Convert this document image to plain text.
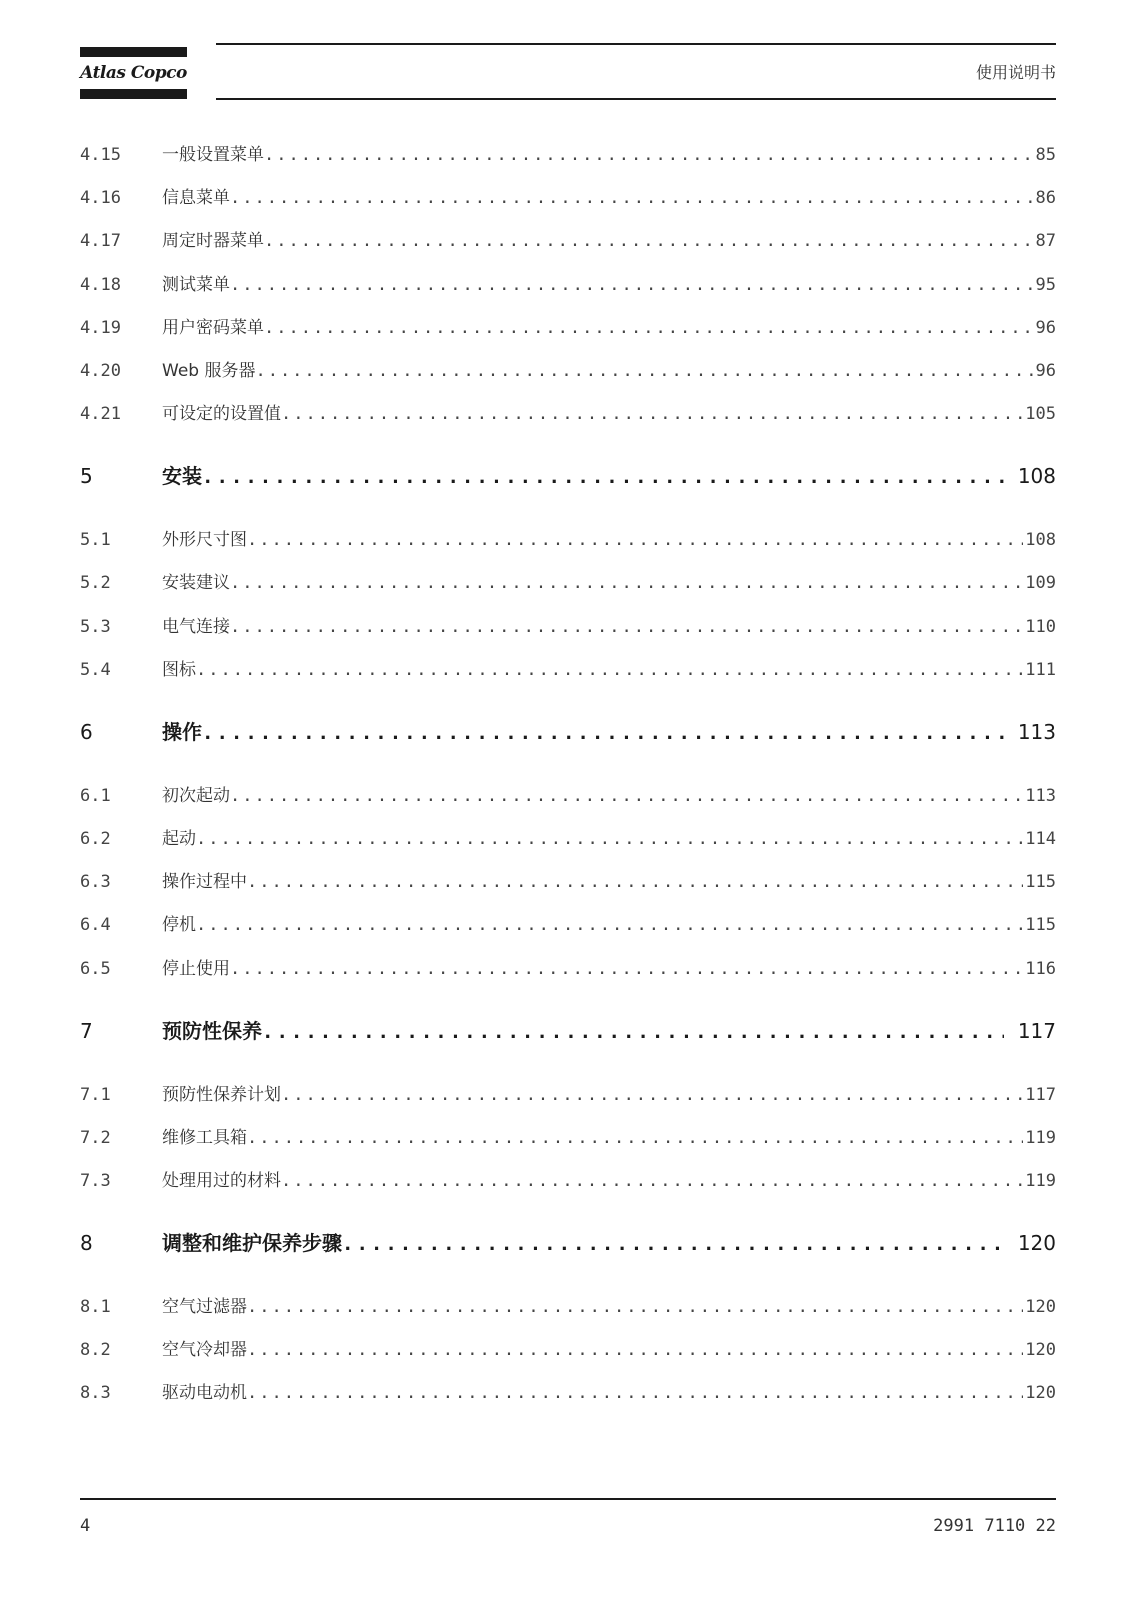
Atlas Copco	使用说明书
4.15	一般设置菜单 .....	85
4.16	信息菜单 .....	86
4.17	周定时器菜单 .....	87
4.18	测试菜单 .....	95
4.19	用户密码菜单 .....	96
4.20	Web 服务器 .....	96
4.21	可设定的设置值 .....	105
5	安装 .....	108
5.1	外形尺寸图 .....	108
5.2	安装建议 .....	109
5.3	电气连接 .....	110
5.4	图标 .....	111
6	操作 .....	113
6.1	初次起动 .....	113
6.2	起动 .....	114
6.3	操作过程中 .....	115
6.4	停机 .....	115
6.5	停止使用 .....	116
7	预防性保养 .....	117
7.1	预防性保养计划 .....	117
7.2	维修工具箱 .....	119
7.3	处理用过的材料 .....	119
8	调整和维护保养步骤 .....	120
8.1	空气过滤器 .....	120
8.2	空气冷却器 .....	120
8.3	驱动电动机 .....	120
4	2991 7110 22
